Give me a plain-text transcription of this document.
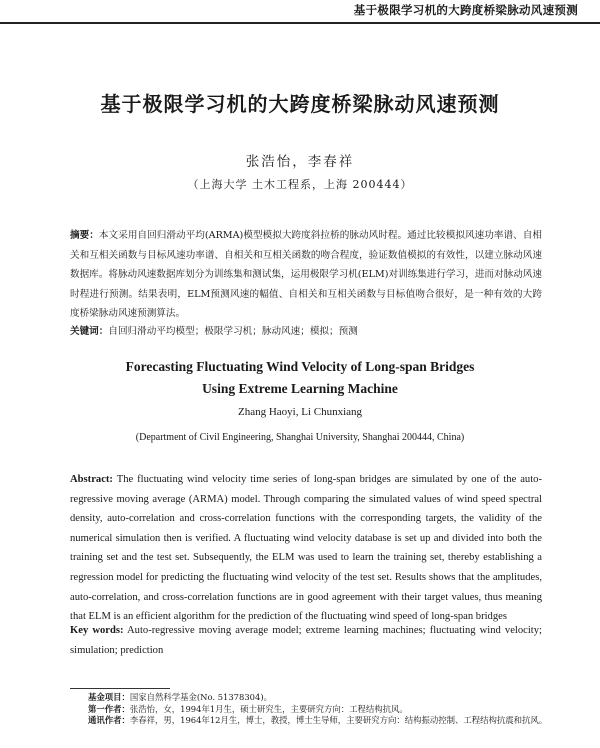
基于极限学习机的大跨度桥梁脉动风速预测
基于极限学习机的大跨度桥梁脉动风速预测
张浩怡，李春祥
（上海大学 土木工程系，上海 200444）
摘要：本文采用自回归滑动平均(ARMA)模型模拟大跨度斜拉桥的脉动风时程。通过比较模拟风速功率谱、自相关和互相关函数与目标风速功率谱、自相关和互相关函数的吻合程度，验证数值模拟的有效性，以建立脉动风速数据库。将脉动风速数据库划分为训练集和测试集，运用极限学习机(ELM)对训练集进行学习，进而对脉动风速时程进行预测。结果表明，ELM预测风速的幅值、自相关和互相关函数与目标值吻合很好，是一种有效的大跨度桥梁脉动风速预测算法。
关键词：自回归滑动平均模型；极限学习机；脉动风速；模拟；预测
Forecasting Fluctuating Wind Velocity of Long-span Bridges
Using Extreme Learning Machine
Zhang Haoyi, Li Chunxiang
(Department of Civil Engineering, Shanghai University, Shanghai 200444, China)
Abstract: The fluctuating wind velocity time series of long-span bridges are simulated by one of the auto-regressive moving average (ARMA) model. Through comparing the simulated values of wind speed spectral density, auto-correlation and cross-correlation functions with the corresponding targets, the validity of the numerical simulation then is verified. A fluctuating wind velocity database is set up and divided into both the training set and the test set. Subsequently, the ELM was used to learn the training set, thereby establishing a regression model for predicting the fluctuating wind velocity of the test set. Results shows that the amplitudes, auto-correlation, and cross-correlation functions are in good agreement with their target values, thus meaning that ELM is an efficient algorithm for the prediction of the fluctuating wind speed of long-span bridges
Key words: Auto-regressive moving average model; extreme learning machines; fluctuating wind velocity; simulation; prediction
基金项目：国家自然科学基金(No. 51378304)。
第一作者：张浩怡，女，1994年1月生，硕士研究生，主要研究方向：工程结构抗风。
通讯作者：李春祥，男，1964年12月生，博士，教授，博士生导师，主要研究方向：结构振动控制、工程结构抗震和抗风。
